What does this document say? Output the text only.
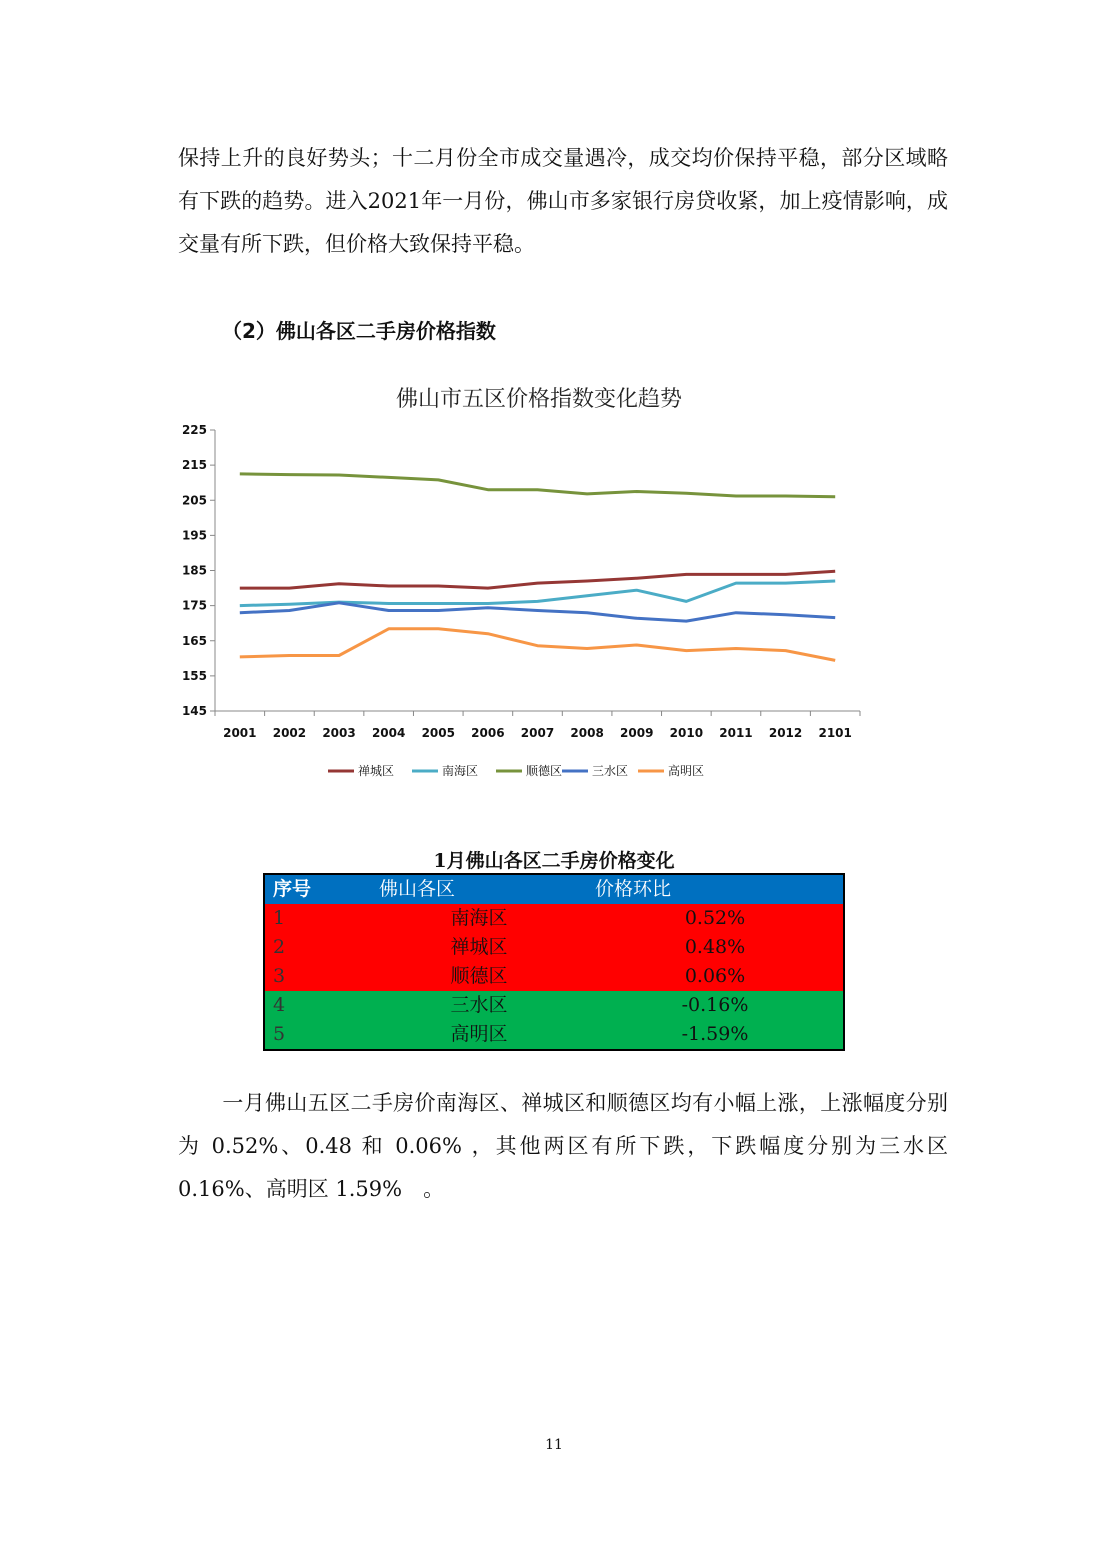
保持上升的良好势头；十二月份全市成交量遇冷，成交均价保持平稳，部分区域略有下跌的趋势。进入2021年一月份，佛山市多家银行房贷收紧，加上疫情影响，成交量有所下跌，但价格大致保持平稳。

（2）佛山各区二手房价格指数
佛山市五区价格指数变化趋势
145
155
165
175
185
195
205
215
225
2001 2002 2003 2004 2005 2006 2007 2008 2009 2010 2011 2012 2101
禅城区	南海区	顺德区 三水区	高明区
1月佛山各区二手房价格变化
序号	佛山各区	价格环比
1	南海区	0.52%
2	禅城区	0.48%
3	顺德区	0.06%
4	三水区	-0.16%
5	高明区	-1.59%

一月佛山五区二手房价南海区、禅城区和顺德区均有小幅上涨，上涨幅度分别为 0.52%、0.48 和 0.06% ，其他两区有所下跌，下跌幅度分别为三水区0.16%、高明区 1.59%　。

11
